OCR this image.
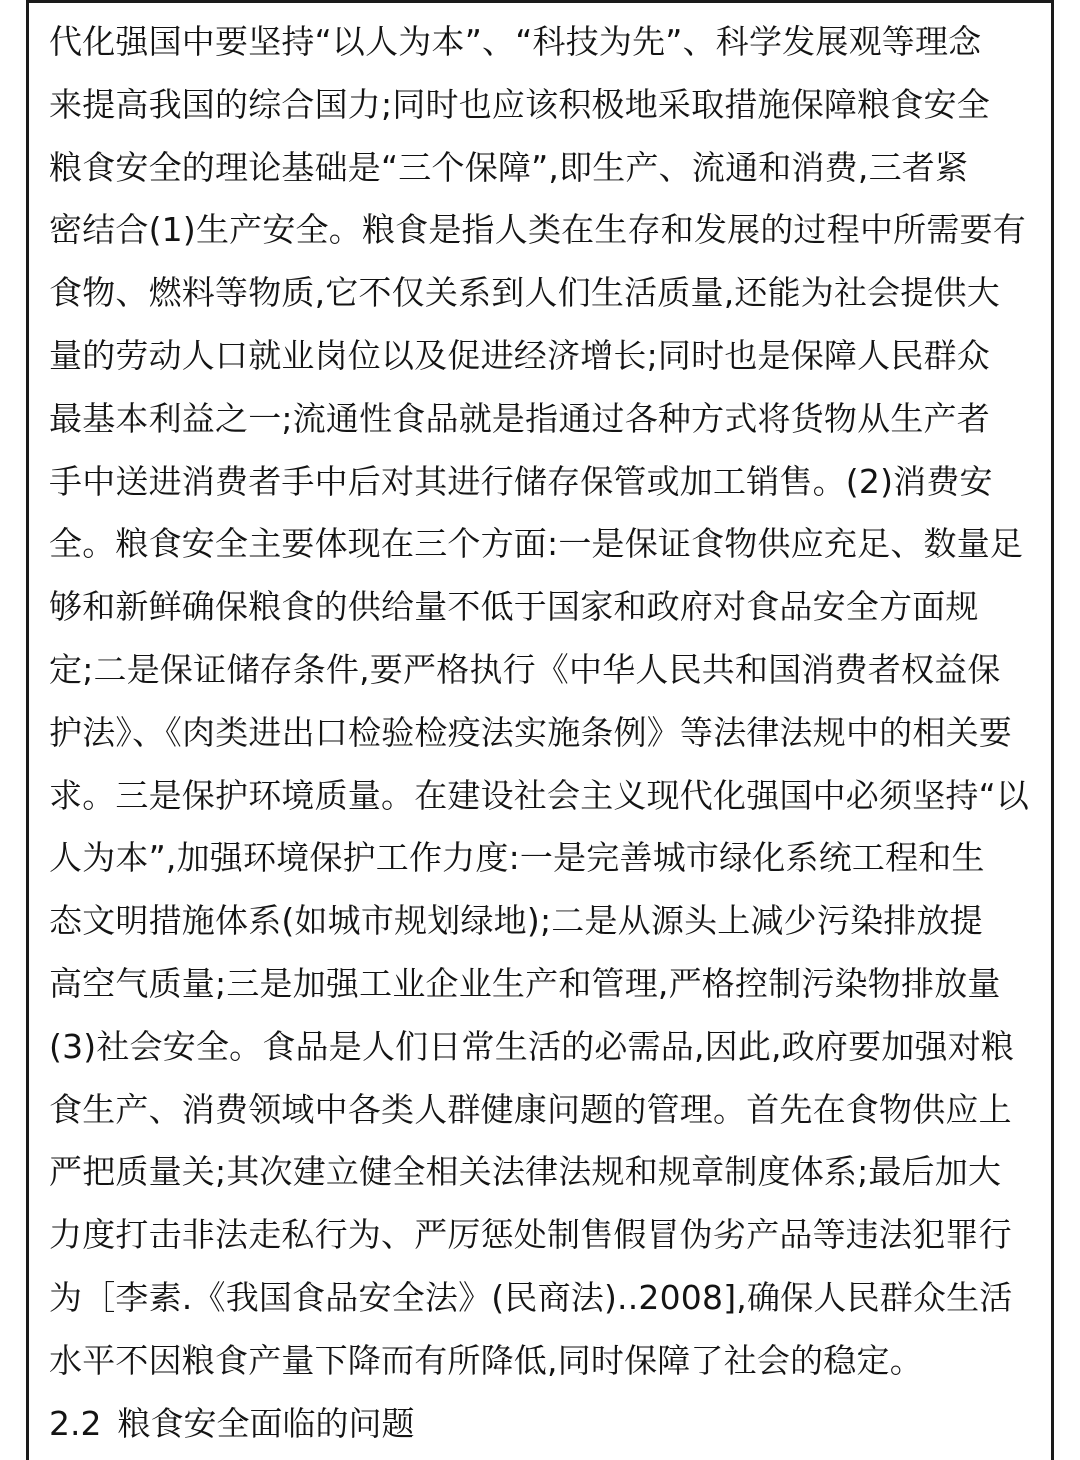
代化强国中要坚持“以人为本”、“科技为先”、科学发展观等理念
来提高我国的综合国力;同时也应该积极地采取措施保障粮食安全
粮食安全的理论基础是“三个保障”,即生产、流通和消费,三者紧
密结合(1)生产安全。粮食是指人类在生存和发展的过程中所需要有
食物、燃料等物质,它不仅关系到人们生活质量,还能为社会提供大
量的劳动人口就业岗位以及促进经济增长;同时也是保障人民群众
最基本利益之一;流通性食品就是指通过各种方式将货物从生产者
手中送进消费者手中后对其进行储存保管或加工销售。(2)消费安
全。粮食安全主要体现在三个方面:一是保证食物供应充足、数量足
够和新鲜确保粮食的供给量不低于国家和政府对食品安全方面规
定;二是保证储存条件,要严格执行《中华人民共和国消费者权益保
护法》、《肉类进出口检验检疫法实施条例》等法律法规中的相关要
求。三是保护环境质量。在建设社会主义现代化强国中必须坚持“以
人为本”,加强环境保护工作力度:一是完善城市绿化系统工程和生
态文明措施体系(如城市规划绿地);二是从源头上减少污染排放提
高空气质量;三是加强工业企业生产和管理,严格控制污染物排放量
(3)社会安全。食品是人们日常生活的必需品,因此,政府要加强对粮
食生产、消费领域中各类人群健康问题的管理。首先在食物供应上
严把质量关;其次建立健全相关法律法规和规章制度体系;最后加大
力度打击非法走私行为、严厉惩处制售假冒伪劣产品等违法犯罪行
为［李素.《我国食品安全法》(民商法)..2008],确保人民群众生活
水平不因粮食产量下降而有所降低,同时保障了社会的稳定。
2.2 粮食安全面临的问题
